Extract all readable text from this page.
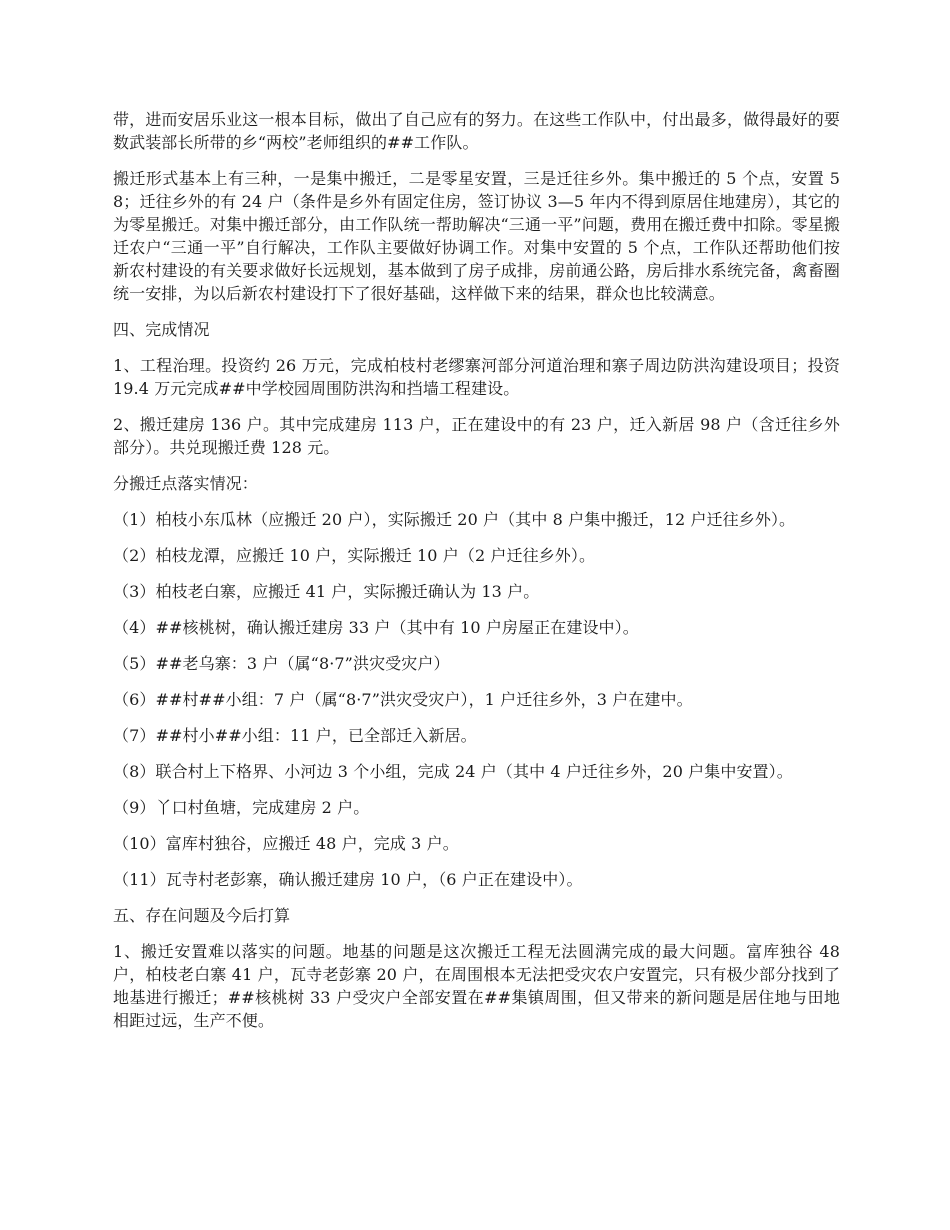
带，进而安居乐业这一根本目标，做出了自己应有的努力。在这些工作队中，付出最多，做得最好的要数武装部长所带的乡“两校”老师组织的##工作队。

搬迁形式基本上有三种，一是集中搬迁，二是零星安置，三是迁往乡外。集中搬迁的 5 个点，安置 58；迁往乡外的有 24 户（条件是乡外有固定住房，签订协议 3—5 年内不得到原居住地建房），其它的为零星搬迁。对集中搬迁部分，由工作队统一帮助解决“三通一平”问题，费用在搬迁费中扣除。零星搬迁农户“三通一平”自行解决，工作队主要做好协调工作。对集中安置的 5 个点，工作队还帮助他们按新农村建设的有关要求做好长远规划，基本做到了房子成排，房前通公路，房后排水系统完备，禽畜圈统一安排，为以后新农村建设打下了很好基础，这样做下来的结果，群众也比较满意。

四、完成情况

1、工程治理。投资约 26 万元，完成柏枝村老缪寨河部分河道治理和寨子周边防洪沟建设项目；投资 19.4 万元完成##中学校园周围防洪沟和挡墙工程建设。

2、搬迁建房 136 户。其中完成建房 113 户，正在建设中的有 23 户，迁入新居 98 户（含迁往乡外部分）。共兑现搬迁费 128 元。

分搬迁点落实情况：

（1）柏枝小东瓜林（应搬迁 20 户），实际搬迁 20 户（其中 8 户集中搬迁，12 户迁往乡外）。

（2）柏枝龙潭，应搬迁 10 户，实际搬迁 10 户（2 户迁往乡外）。

（3）柏枝老白寨，应搬迁 41 户，实际搬迁确认为 13 户。

（4）##核桃树，确认搬迁建房 33 户（其中有 10 户房屋正在建设中）。

（5）##老乌寨：3 户（属“8·7”洪灾受灾户）

（6）##村##小组：7 户（属“8·7”洪灾受灾户），1 户迁往乡外，3 户在建中。

（7）##村小##小组：11 户，已全部迁入新居。

（8）联合村上下格界、小河边 3 个小组，完成 24 户（其中 4 户迁往乡外，20 户集中安置）。

（9）丫口村鱼塘，完成建房 2 户。

（10）富库村独谷，应搬迁 48 户，完成 3 户。

（11）瓦寺村老彭寨，确认搬迁建房 10 户，（6 户正在建设中）。

五、存在问题及今后打算

1、搬迁安置难以落实的问题。地基的问题是这次搬迁工程无法圆满完成的最大问题。富库独谷 48 户，柏枝老白寨 41 户，瓦寺老彭寨 20 户，在周围根本无法把受灾农户安置完，只有极少部分找到了地基进行搬迁；##核桃树 33 户受灾户全部安置在##集镇周围，但又带来的新问题是居住地与田地相距过远，生产不便。
